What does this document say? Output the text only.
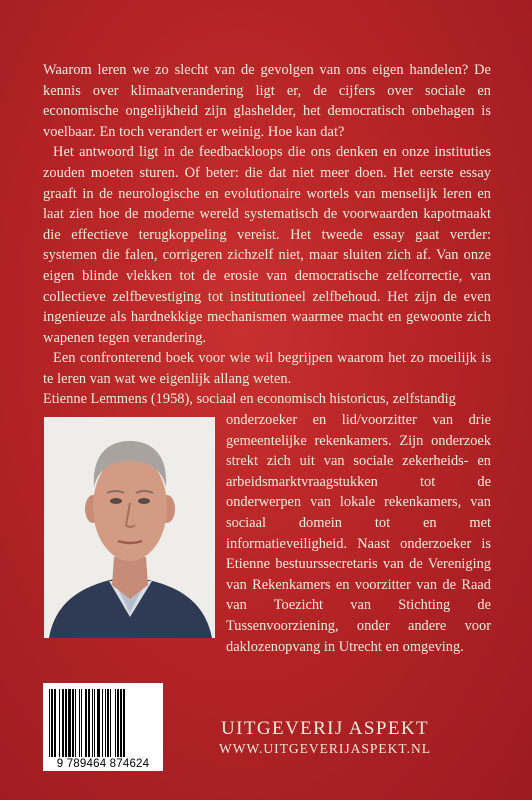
Waarom leren we zo slecht van de gevolgen van ons eigen handelen? De kennis over klimaatverandering ligt er, de cijfers over sociale en economische ongelijkheid zijn glashelder, het democratisch onbehagen is voelbaar. En toch verandert er weinig. Hoe kan dat?

Het antwoord ligt in de feedbackloops die ons denken en onze instituties zouden moeten sturen. Of beter: die dat niet meer doen. Het eerste essay graaft in de neurologische en evolutionaire wortels van menselijk leren en laat zien hoe de moderne wereld systematisch de voorwaarden kapotmaakt die effectieve terugkoppeling vereist. Het tweede essay gaat verder: systemen die falen, corrigeren zichzelf niet, maar sluiten zich af. Van onze eigen blinde vlekken tot de erosie van democratische zelfcorrectie, van collectieve zelfbevestiging tot institutioneel zelfbehoud. Het zijn de even ingenieuze als hardnekkige mechanismen waarmee macht en gewoonte zich wapenen tegen verandering.

Een confronterend boek voor wie wil begrijpen waarom het zo moeilijk is te leren van wat we eigenlijk allang weten.

Etienne Lemmens (1958), sociaal en economisch historicus, zelfstandig
onderzoeker en lid/voorzitter van drie gemeentelijke rekenkamers. Zijn onderzoek strekt zich uit van sociale zekerheids- en arbeidsmarktvraagstukken tot de onderwerpen van lokale rekenkamers, van sociaal domein tot en met informatieveiligheid. Naast onderzoeker is Etienne bestuurssecretaris van de Vereniging van Rekenkamers en voorzitter van de Raad van Toezicht van Stichting de Tussenvoorziening, onder andere voor daklozenopvang in Utrecht en omgeving.
9 789464 874624
UITGEVERIJ ASPEKT
WWW.UITGEVERIJASPEKT.NL
